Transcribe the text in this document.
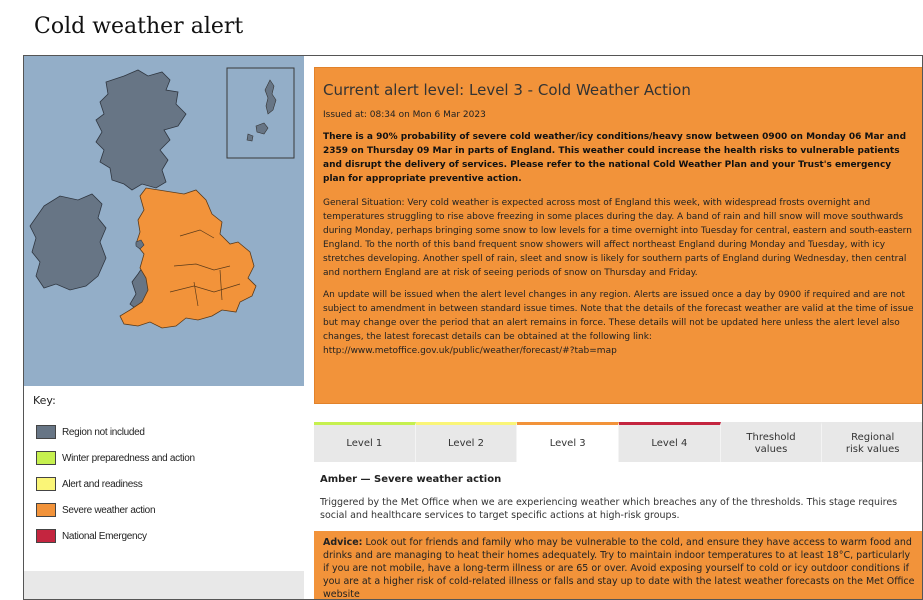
Cold weather alert

Key:

Region not included
Winter preparedness and action
Alert and readiness
Severe weather action
National Emergency
Current alert level: Level 3 - Cold Weather Action

Issued at: 08:34 on Mon 6 Mar 2023

There is a 90% probability of severe cold weather/icy conditions/heavy snow between 0900 on Monday 06 Mar and 2359 on Thursday 09 Mar in parts of England. This weather could increase the health risks to vulnerable patients and disrupt the delivery of services. Please refer to the national Cold Weather Plan and your Trust's emergency plan for appropriate preventive action.

General Situation: Very cold weather is expected across most of England this week, with widespread frosts overnight and temperatures struggling to rise above freezing in some places during the day. A band of rain and hill snow will move southwards during Monday, perhaps bringing some snow to low levels for a time overnight into Tuesday for central, eastern and south-eastern England. To the north of this band frequent snow showers will affect northeast England during Monday and Tuesday, with icy stretches developing. Another spell of rain, sleet and snow is likely for southern parts of England during Wednesday, then central and northern England are at risk of seeing periods of snow on Thursday and Friday.

An update will be issued when the alert level changes in any region. Alerts are issued once a day by 0900 if required and are not subject to amendment in between standard issue times. Note that the details of the forecast weather are valid at the time of issue but may change over the period that an alert remains in force. These details will not be updated here unless the alert level also changes, the latest forecast details can be obtained at the following link:

http://www.metoffice.gov.uk/public/weather/forecast/#?tab=map

Level 1	Level 2	Level 3	Level 4
Threshold
values
Regional
risk values

Amber — Severe weather action

Triggered by the Met Office when we are experiencing weather which breaches any of the thresholds. This stage requires social and healthcare services to target specific actions at high-risk groups.

Advice: Look out for friends and family who may be vulnerable to the cold, and ensure they have access to warm food and drinks and are managing to heat their homes adequately. Try to maintain indoor temperatures to at least 18°C, particularly if you are not mobile, have a long-term illness or are 65 or over. Avoid exposing yourself to cold or icy outdoor conditions if you are at a higher risk of cold-related illness or falls and stay up to date with the latest weather forecasts on the Met Office website
